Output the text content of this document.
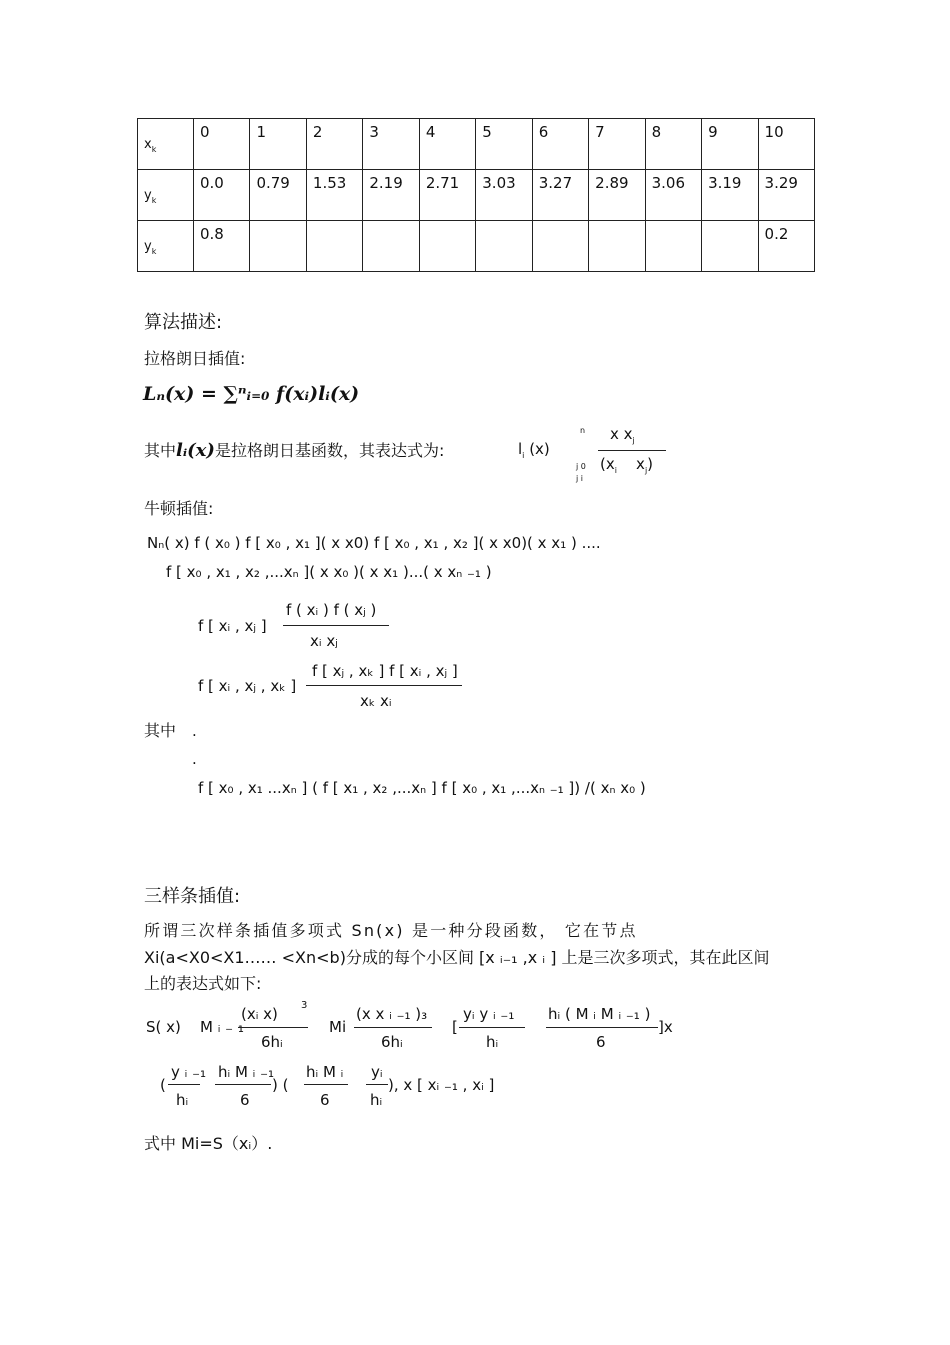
$x_k$	0	1	2	3	4	5	6	7	8	9	10
$y_k$	0.0	0.79	1.53	2.19	2.71	3.03	3.27	2.89	3.06	3.19	3.29
$y_k$	0.8										0.2
算法描述:
拉格朗日插值:
Lₙ(x) = ∑ⁿᵢ₌₀ f(xᵢ)lᵢ(x)
其中lᵢ(x)是拉格朗日基函数，其表达式为:	$l_i$ (x)
n x $x_j$
($x_i$ $x_j$)
j 0
j i
牛顿插值:
Nₙ( x) f ( x₀ ) f [ x₀ , x₁ ]( x x0) f [ x₀ , x₁ , x₂ ]( x x0)( x x₁ ) ....
f [ x₀ , x₁ , x₂ ,...xₙ ]( x x₀ )( x x₁ )...( x xₙ ₋₁ )
f [ xᵢ , xⱼ ]
f ( xᵢ ) f ( xⱼ )
xᵢ xⱼ
f [ xᵢ , xⱼ , xₖ ]
f [ xⱼ , xₖ ] f [ xᵢ , xⱼ ]
xₖ xᵢ
其中 .
.
f [ x₀ , x₁ ...xₙ ] ( f [ x₁ , x₂ ,...xₙ ] f [ x₀ , x₁ ,...xₙ ₋₁ ]) /( xₙ x₀ )
三样条插值:
所谓三次样条插值多项式 Sn(x) 是一种分段函数， 它在节点
Xi(a<X0<X1…… <Xn<b)分成的每个小区间 [x ᵢ₋₁ ,x ᵢ ] 上是三次多项式，其在此区间
上的表达式如下:
S( x) M ᵢ ₋ ₁
(xᵢ x) 3
6hᵢ
Mi
(x x ᵢ ₋₁ )₃
6hᵢ
[
yᵢ y ᵢ ₋₁
hᵢ
hᵢ ( M ᵢ M ᵢ ₋₁ )
6
]x
(
y ᵢ ₋₁
hᵢ
hᵢ M ᵢ ₋₁
6
) (
hᵢ M ᵢ
6
yᵢ
hᵢ
), x [ xᵢ ₋₁ , xᵢ ]
式中 Mi=S（xᵢ）.
